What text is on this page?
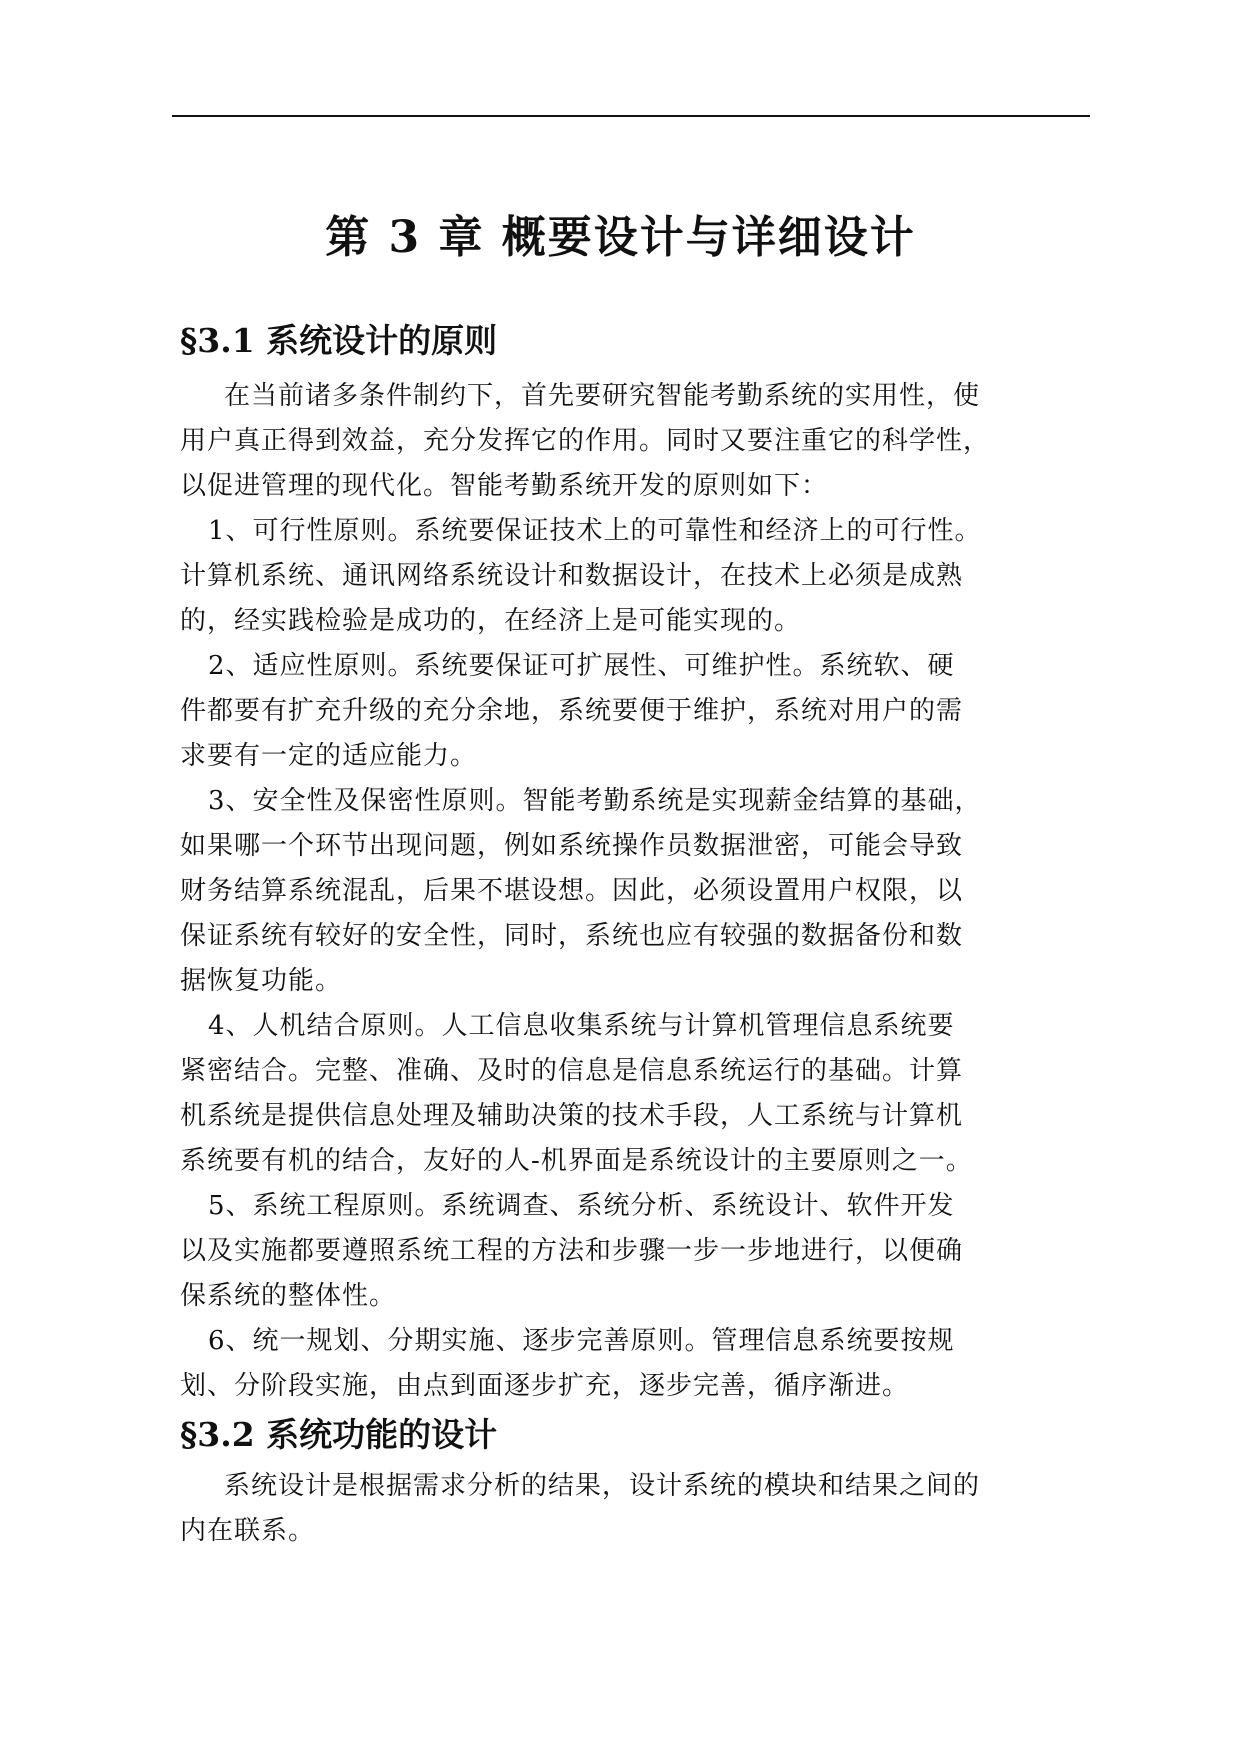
第 3 章 概要设计与详细设计
§3.1 系统设计的原则
在当前诸多条件制约下，首先要研究智能考勤系统的实用性，使
用户真正得到效益，充分发挥它的作用。同时又要注重它的科学性，
以促进管理的现代化。智能考勤系统开发的原则如下：
1、可行性原则。系统要保证技术上的可靠性和经济上的可行性。
计算机系统、通讯网络系统设计和数据设计，在技术上必须是成熟
的，经实践检验是成功的，在经济上是可能实现的。
2、适应性原则。系统要保证可扩展性、可维护性。系统软、硬
件都要有扩充升级的充分余地，系统要便于维护，系统对用户的需
求要有一定的适应能力。
3、安全性及保密性原则。智能考勤系统是实现薪金结算的基础，
如果哪一个环节出现问题，例如系统操作员数据泄密，可能会导致
财务结算系统混乱，后果不堪设想。因此，必须设置用户权限，以
保证系统有较好的安全性，同时，系统也应有较强的数据备份和数
据恢复功能。
4、人机结合原则。人工信息收集系统与计算机管理信息系统要
紧密结合。完整、准确、及时的信息是信息系统运行的基础。计算
机系统是提供信息处理及辅助决策的技术手段，人工系统与计算机
系统要有机的结合，友好的人-机界面是系统设计的主要原则之一。
5、系统工程原则。系统调查、系统分析、系统设计、软件开发
以及实施都要遵照系统工程的方法和步骤一步一步地进行，以便确
保系统的整体性。
6、统一规划、分期实施、逐步完善原则。管理信息系统要按规
划、分阶段实施，由点到面逐步扩充，逐步完善，循序渐进。
§3.2 系统功能的设计
系统设计是根据需求分析的结果，设计系统的模块和结果之间的
内在联系。
